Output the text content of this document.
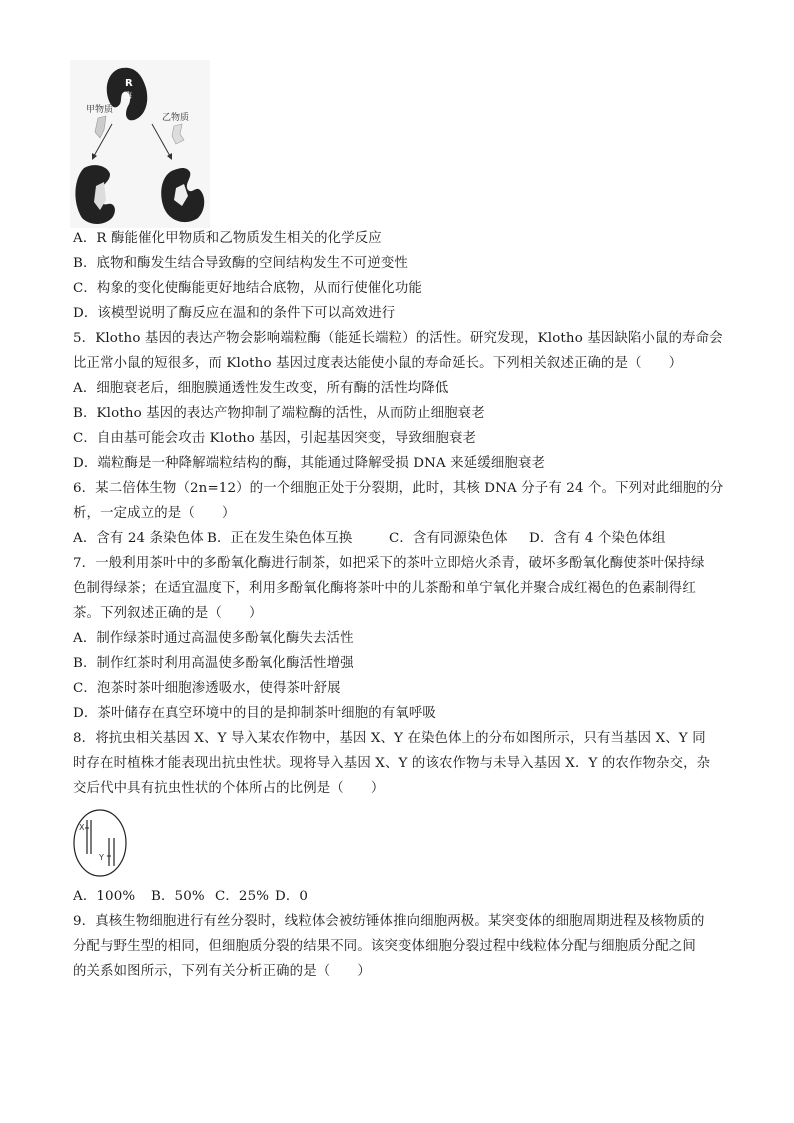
R
酶
甲物质
乙物质
A．R 酶能催化甲物质和乙物质发生相关的化学反应
B．底物和酶发生结合导致酶的空间结构发生不可逆变性
C．构象的变化使酶能更好地结合底物，从而行使催化功能
D．该模型说明了酶反应在温和的条件下可以高效进行
5．Klotho 基因的表达产物会影响端粒酶（能延长端粒）的活性。研究发现，Klotho 基因缺陷小鼠的寿命会
比正常小鼠的短很多，而 Klotho 基因过度表达能使小鼠的寿命延长。下列相关叙述正确的是（　　）
A．细胞衰老后，细胞膜通透性发生改变，所有酶的活性均降低
B．Klotho 基因的表达产物抑制了端粒酶的活性，从而防止细胞衰老
C．自由基可能会攻击 Klotho 基因，引起基因突变，导致细胞衰老
D．端粒酶是一种降解端粒结构的酶，其能通过降解受损 DNA 来延缓细胞衰老
6．某二倍体生物（2n=12）的一个细胞正处于分裂期，此时，其核 DNA 分子有 24 个。下列对此细胞的分
析，一定成立的是（　　）
A．含有 24 条染色体 B．正在发生染色体互换	C．含有同源染色体 D．含有 4 个染色体组
7．一般利用茶叶中的多酚氧化酶进行制茶，如把采下的茶叶立即焙火杀青，破坏多酚氧化酶使茶叶保持绿
色制得绿茶；在适宜温度下，利用多酚氧化酶将茶叶中的儿茶酚和单宁氧化并聚合成红褐色的色素制得红
茶。下列叙述正确的是（　　）
A．制作绿茶时通过高温使多酚氧化酶失去活性
B．制作红茶时利用高温使多酚氧化酶活性增强
C．泡茶时茶叶细胞渗透吸水，使得茶叶舒展
D．茶叶储存在真空环境中的目的是抑制茶叶细胞的有氧呼吸
8．将抗虫相关基因 X、Y 导入某农作物中，基因 X、Y 在染色体上的分布如图所示，只有当基因 X、Y 同
时存在时植株才能表现出抗虫性状。现将导入基因 X、Y 的该农作物与未导入基因 X．Y 的农作物杂交，杂
交后代中具有抗虫性状的个体所占的比例是（　　）
X
Y
A．100% B．50% C．25% D．0
9．真核生物细胞进行有丝分裂时，线粒体会被纺锤体推向细胞两极。某突变体的细胞周期进程及核物质的
分配与野生型的相同，但细胞质分裂的结果不同。该突变体细胞分裂过程中线粒体分配与细胞质分配之间
的关系如图所示，下列有关分析正确的是（　　）
